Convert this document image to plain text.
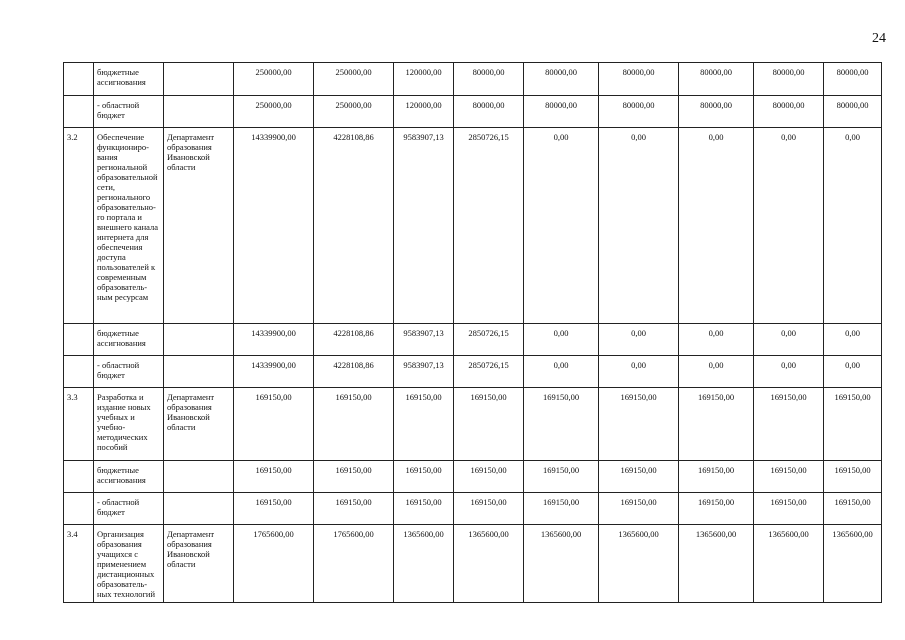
24
	бюджетные ассигнования		250000,00	250000,00	120000,00	80000,00	80000,00	80000,00	80000,00	80000,00	80000,00
	- областной бюджет		250000,00	250000,00	120000,00	80000,00	80000,00	80000,00	80000,00	80000,00	80000,00
3.2	Обеспечение функциониро-вания региональной образовательной сети, регионального образовательно-го портала и внешнего канала интернета для обеспечения доступа пользователей к современным образователь-ным ресурсам	Департамент образования Ивановской области	14339900,00	4228108,86	9583907,13	2850726,15	0,00	0,00	0,00	0,00	0,00
	бюджетные ассигнования		14339900,00	4228108,86	9583907,13	2850726,15	0,00	0,00	0,00	0,00	0,00
	- областной бюджет		14339900,00	4228108,86	9583907,13	2850726,15	0,00	0,00	0,00	0,00	0,00
3.3	Разработка и издание новых учебных и учебно-методических пособий	Департамент образования Ивановской области	169150,00	169150,00	169150,00	169150,00	169150,00	169150,00	169150,00	169150,00	169150,00
	бюджетные ассигнования		169150,00	169150,00	169150,00	169150,00	169150,00	169150,00	169150,00	169150,00	169150,00
	- областной бюджет		169150,00	169150,00	169150,00	169150,00	169150,00	169150,00	169150,00	169150,00	169150,00
3.4	Организация образования учащихся с применением дистанционных образователь-ных технологий	Департамент образования Ивановской области	1765600,00	1765600,00	1365600,00	1365600,00	1365600,00	1365600,00	1365600,00	1365600,00	1365600,00
